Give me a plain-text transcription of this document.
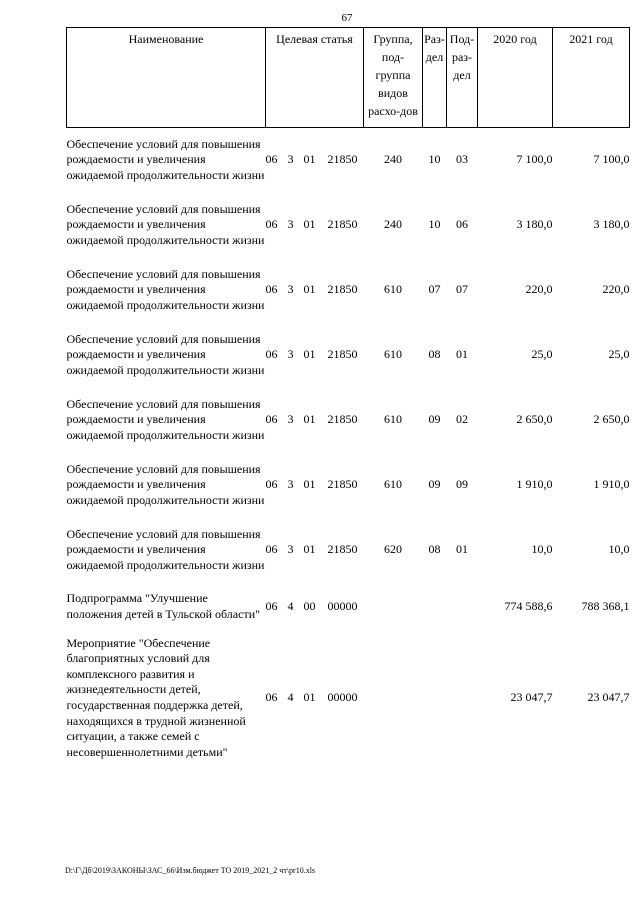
67
Наименование	Целевая статья	Группа, под-группа видов расхо-дов	Раз-дел	Под-раз-дел	2020 год	2021 год
Обеспечение условий для повышения рождаемости и увеличения ожидаемой продолжительности жизни	06 3 01 21850	240	10	03	7 100,0	7 100,0
Обеспечение условий для повышения рождаемости и увеличения ожидаемой продолжительности жизни	06 3 01 21850	240	10	06	3 180,0	3 180,0
Обеспечение условий для повышения рождаемости и увеличения ожидаемой продолжительности жизни	06 3 01 21850	610	07	07	220,0	220,0
Обеспечение условий для повышения рождаемости и увеличения ожидаемой продолжительности жизни	06 3 01 21850	610	08	01	25,0	25,0
Обеспечение условий для повышения рождаемости и увеличения ожидаемой продолжительности жизни	06 3 01 21850	610	09	02	2 650,0	2 650,0
Обеспечение условий для повышения рождаемости и увеличения ожидаемой продолжительности жизни	06 3 01 21850	610	09	09	1 910,0	1 910,0
Обеспечение условий для повышения рождаемости и увеличения ожидаемой продолжительности жизни	06 3 01 21850	620	08	01	10,0	10,0
Подпрограмма "Улучшение положения детей в Тульской области"	06 4 00 00000				774 588,6	788 368,1
Мероприятие "Обеспечение благоприятных условий для комплексного развития и жизнедеятельности детей, государственная поддержка детей, находящихся в трудной жизненной ситуации, а также семей с несовершеннолетними детьми"	06 4 01 00000				23 047,7	23 047,7
D:\Г\Дб\2019\ЗАКОНЫ\ЗАС_66\Изм.бюджет ТО 2019_2021_2 чт\pr10.xls
